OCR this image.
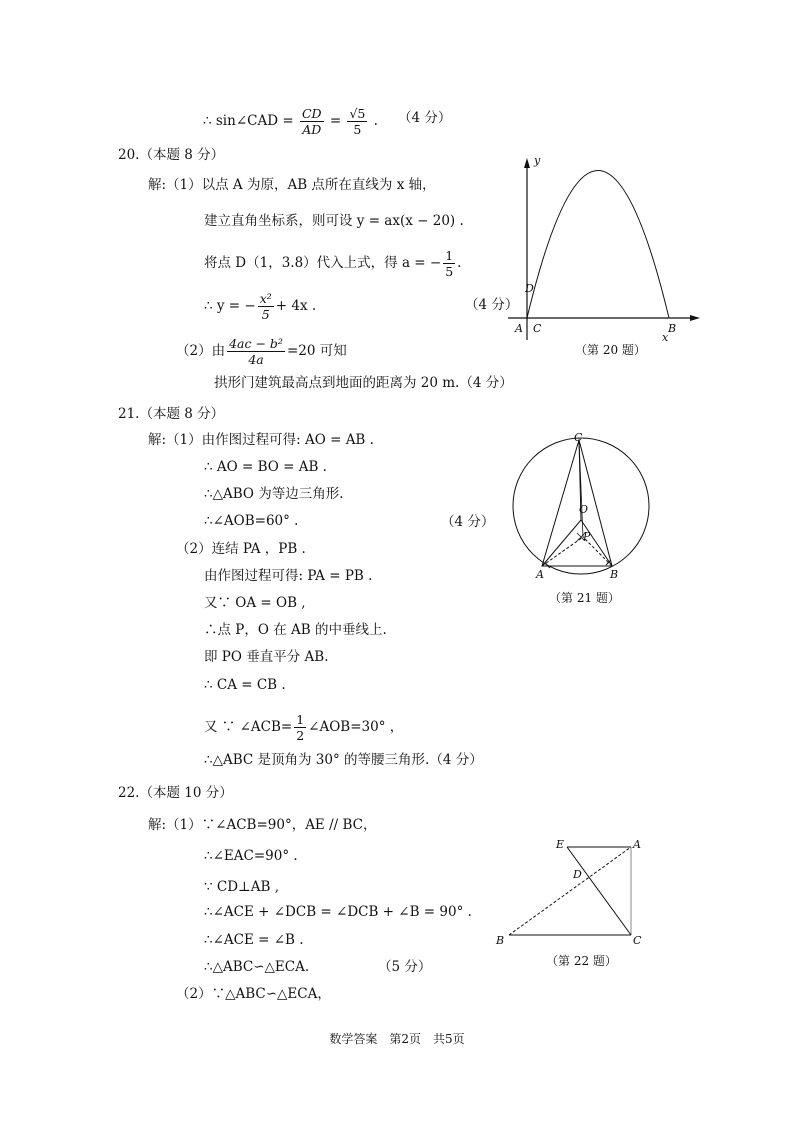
∴ sin∠CAD = $\frac{CD}{AD} = \frac{√5}{5}$ . （4 分）
20.（本题 8 分）
解:（1）以点 A 为原，AB 点所在直线为 x 轴，
建立直角坐标系，则可设 y = ax(x − 20) .
将点 D（1，3.8）代入上式，得 a = − $\frac{1}{5}$ .
∴ y = − $\frac{\text{x²}}{5} + 4x$ .	（4 分）
（2）由 $\frac{\text{4ac − b²}}{4a} =20$ 可知
拱形门建筑最高点到地面的距离为 20 m.（4 分）
y
D
A C	B
x
（第 20 题）
21.（本题 8 分）
解:（1）由作图过程可得: AO = AB .
∴ AO = BO = AB .
∴△ABO 为等边三角形.
∴∠AOB=60° .	（4 分）
（2）连结 PA ，PB .
由作图过程可得: PA = PB .
又∵ OA = OB ,
∴点 P，O 在 AB 的中垂线上.
即 PO 垂直平分 AB.
∴ CA = CB .
又 ∵ ∠ACB= $\frac{1}{2}$ ∠AOB=30° ，
∴△ABC 是顶角为 30° 的等腰三角形.（4 分）
C
O
P
A	B
（第 21 题）
22.（本题 10 分）
解:（1）∵∠ACB=90°，AE // BC，
∴∠EAC=90° .
∵ CD⊥AB ,
∴∠ACE + ∠DCB = ∠DCB + ∠B = 90° .
∴∠ACE = ∠B .
∴△ABC∽△ECA.	（5 分）
（2）∵△ABC∽△ECA，
E	A
D
B	C
（第 22 题）
数学答案　第2页　共5页
